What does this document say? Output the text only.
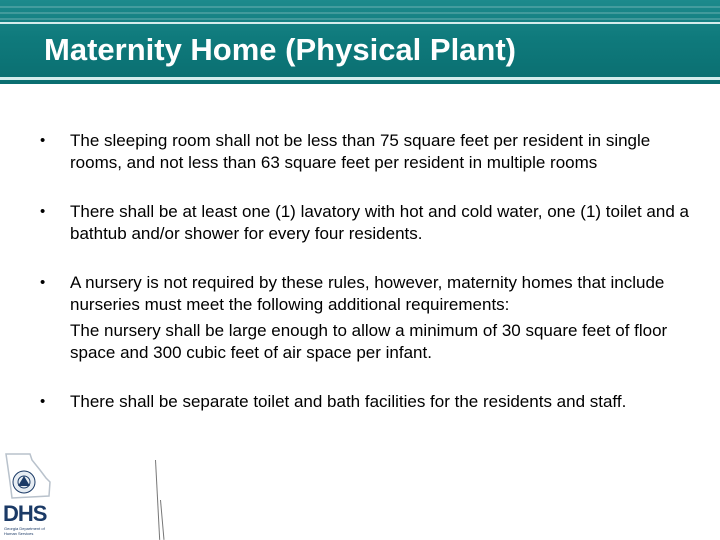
Maternity Home (Physical Plant)
• The sleeping room shall not be less than 75 square feet per resident in single rooms, and not less than 63 square feet per resident in multiple rooms
• There shall be at least one (1) lavatory with hot and cold water, one (1) toilet and a bathtub and/or shower for every four residents.
• A nursery is not required by these rules, however, maternity homes that include nurseries must meet the following additional requirements:
The nursery shall be large enough to allow a minimum of 30 square feet of floor space and 300 cubic feet of air space per infant.
• There shall be separate toilet and bath facilities for the residents and staff.
DHS
Georgia Department of Human Services
